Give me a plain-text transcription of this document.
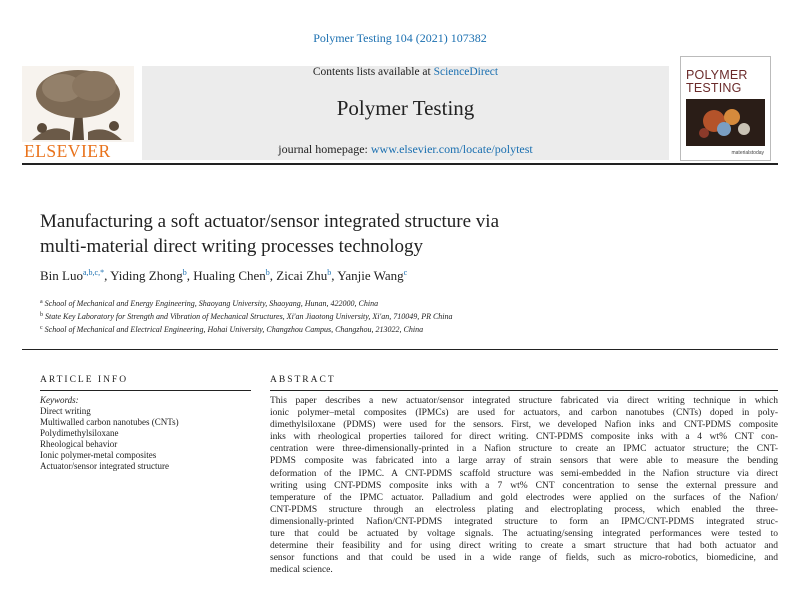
Polymer Testing 104 (2021) 107382
ELSEVIER
Contents lists available at ScienceDirect
Polymer Testing
journal homepage: www.elsevier.com/locate/polytest
POLYMER
TESTING
materialstoday
Manufacturing a soft actuator/sensor integrated structure via
multi-material direct writing processes technology
Bin Luo$^{a,b,c,*}$, Yiding Zhong$^b$, Hualing Chen$^b$, Zicai Zhu$^b$, Yanjie Wang$^c$
$^a$ School of Mechanical and Energy Engineering, Shaoyang University, Shaoyang, Hunan, 422000, China
$^b$ State Key Laboratory for Strength and Vibration of Mechanical Structures, Xi'an Jiaotong University, Xi'an, 710049, PR China
$^c$ School of Mechanical and Electrical Engineering, Hohai University, Changzhou Campus, Changzhou, 213022, China
ARTICLE INFO
Keywords:
Direct writing
Multiwalled carbon nanotubes (CNTs)
Polydimethylsiloxane
Rheological behavior
Ionic polymer-metal composites
Actuator/sensor integrated structure
ABSTRACT
This paper describes a new actuator/sensor integrated structure fabricated via direct writing technique in which
ionic polymer–metal composites (IPMCs) are used for actuators, and carbon nanotubes (CNTs) doped in poly-
dimethylsiloxane (PDMS) were used for the sensors. First, we developed Nafion inks and CNT-PDMS composite
inks with rheological properties tailored for direct writing. CNT-PDMS composite inks with a 4 wt% CNT con-
centration were three-dimensionally-printed in a Nafion structure to create an IPMC actuator structure; the CNT-
PDMS composite was fabricated into a large array of strain sensors that were able to measure the bending
deformation of the IPMC. A CNT-PDMS scaffold structure was semi-embedded in the Nafion structure via direct
writing using CNT-PDMS composite inks with a 7 wt% CNT concentration to sense the external pressure and
temperature of the IPMC actuator. Palladium and gold electrodes were applied on the surfaces of the Nafion/
CNT-PDMS structure through an electroless plating and electroplating process, which enabled the three-
dimensionally-printed Nafion/CNT-PDMS integrated structure to form an IPMC/CNT-PDMS integrated struc-
ture that could be actuated by voltage signals. The actuating/sensing integrated performances were tested to
determine their feasibility and for using direct writing to create a smart structure that had both actuator and
sensor functions and that could be used in a wide range of fields, such as micro-robotics, biomedicine, and
medical science.
